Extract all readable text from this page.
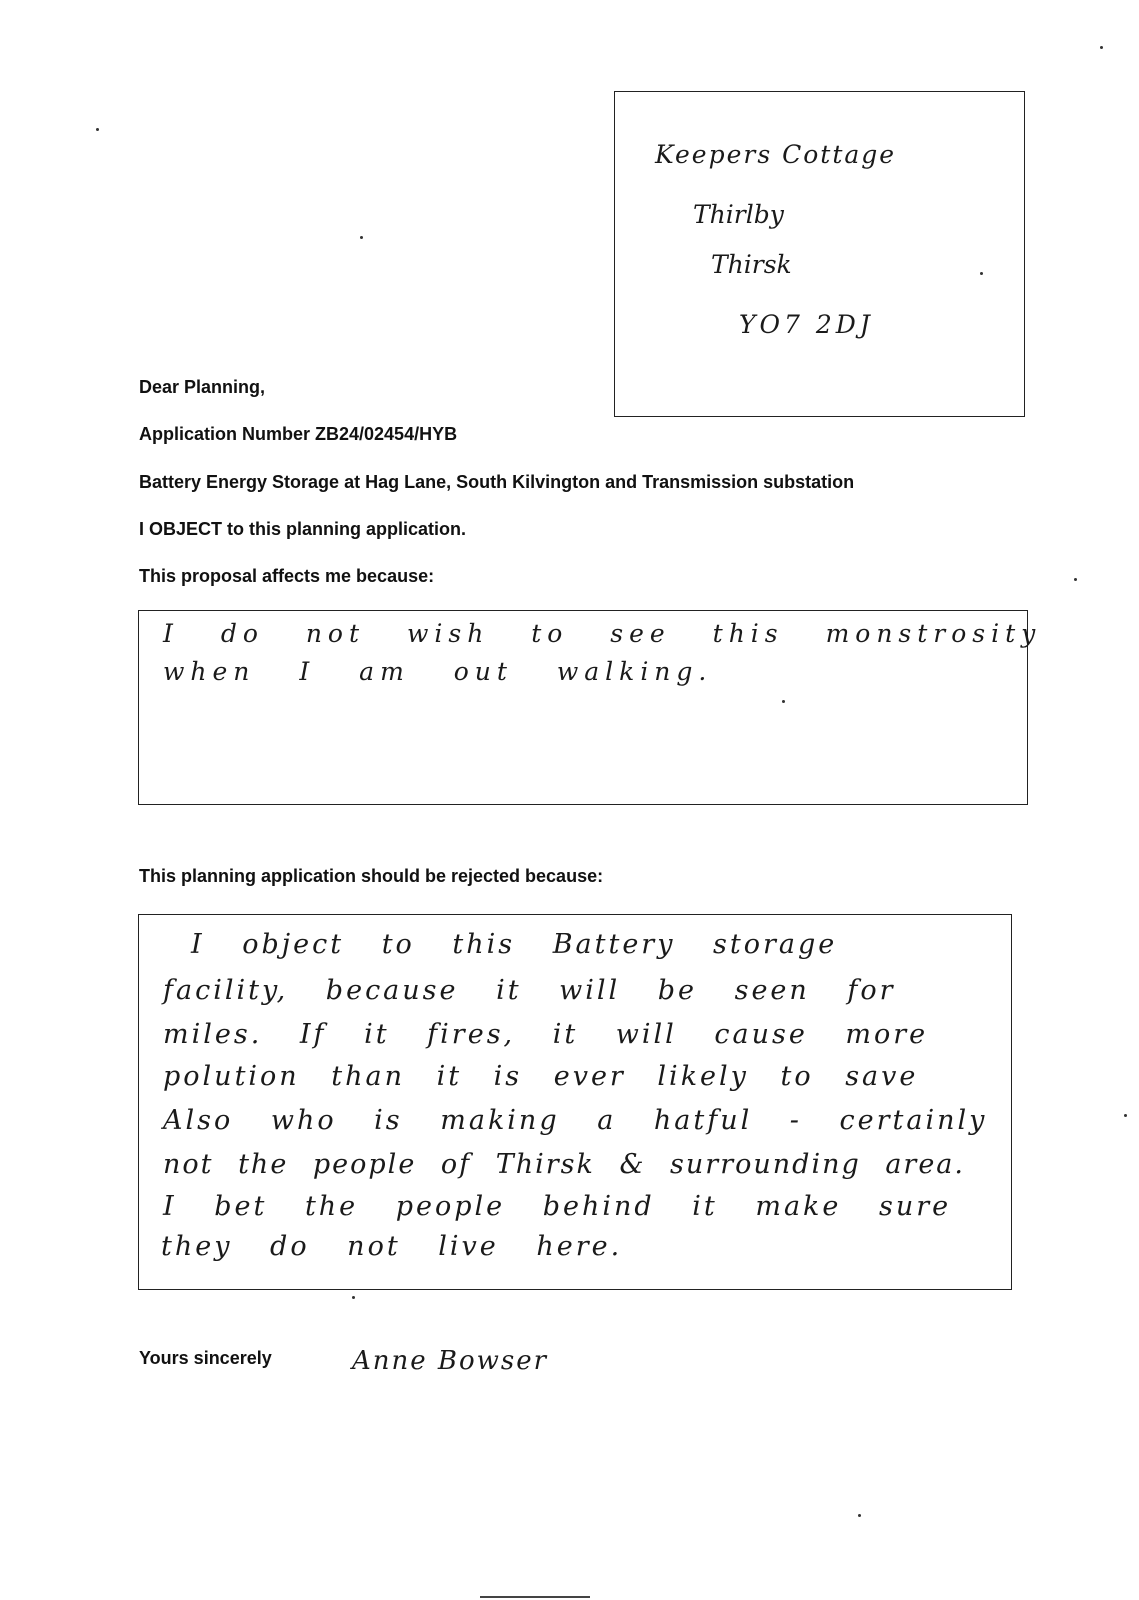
Keepers Cottage
Thirlby
Thirsk
YO7 2DJ
Dear Planning,
Application Number ZB24/02454/HYB
Battery Energy Storage at Hag Lane, South Kilvington and Transmission substation
I OBJECT to this planning application.
This proposal affects me because:
I do not wish to see this monstrosity
when I am out walking.
This planning application should be rejected because:
I object to this Battery storage
facility, because it will be seen for
miles. If it fires, it will cause more
polution than it is ever likely to save
Also who is making a hatful - certainly
not the people of Thirsk & surrounding area.
I bet the people behind it make sure
they do not live here.
Yours sincerely	Anne Bowser
